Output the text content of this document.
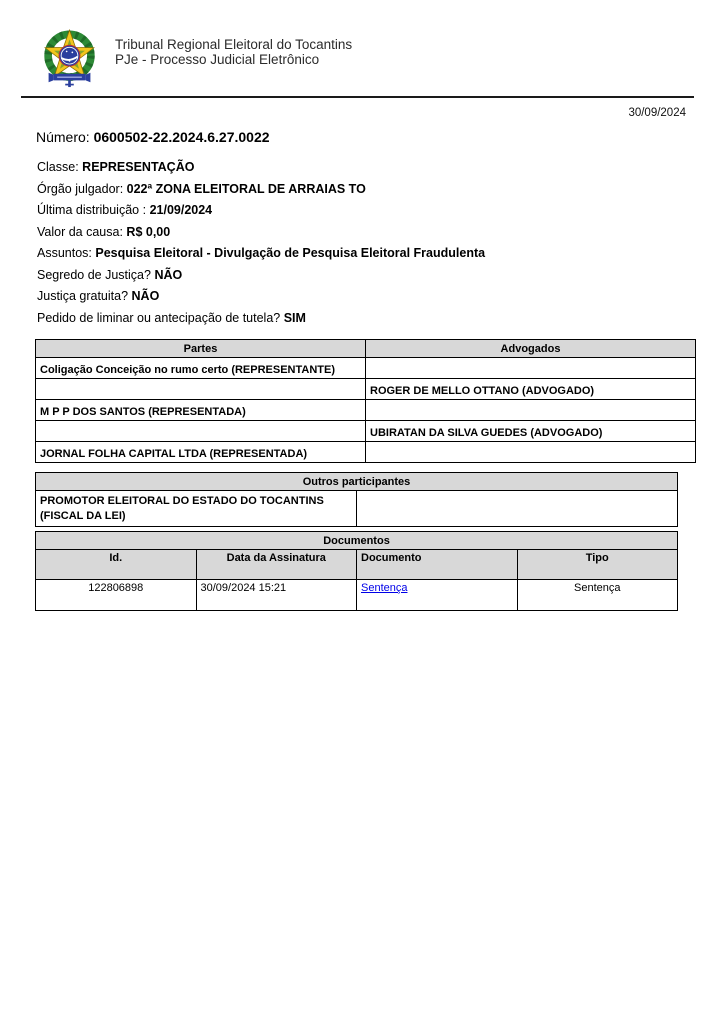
Tribunal Regional Eleitoral do Tocantins
PJe - Processo Judicial Eletrônico
30/09/2024
Número: 0600502-22.2024.6.27.0022
Classe: REPRESENTAÇÃO
Órgão julgador: 022ª ZONA ELEITORAL DE ARRAIAS TO
Última distribuição : 21/09/2024
Valor da causa: R$ 0,00
Assuntos: Pesquisa Eleitoral - Divulgação de Pesquisa Eleitoral Fraudulenta
Segredo de Justiça? NÃO
Justiça gratuita? NÃO
Pedido de liminar ou antecipação de tutela? SIM
Partes	Advogados
Coligação Conceição no rumo certo (REPRESENTANTE)	
	ROGER DE MELLO OTTANO (ADVOGADO)
M P P DOS SANTOS (REPRESENTADA)	
	UBIRATAN DA SILVA GUEDES (ADVOGADO)
JORNAL FOLHA CAPITAL LTDA (REPRESENTADA)	
Outros participantes
PROMOTOR ELEITORAL DO ESTADO DO TOCANTINS (FISCAL DA LEI)	
Documentos			
Id.	Data da Assinatura	Documento	Tipo
122806898	30/09/2024 15:21	Sentença	Sentença
